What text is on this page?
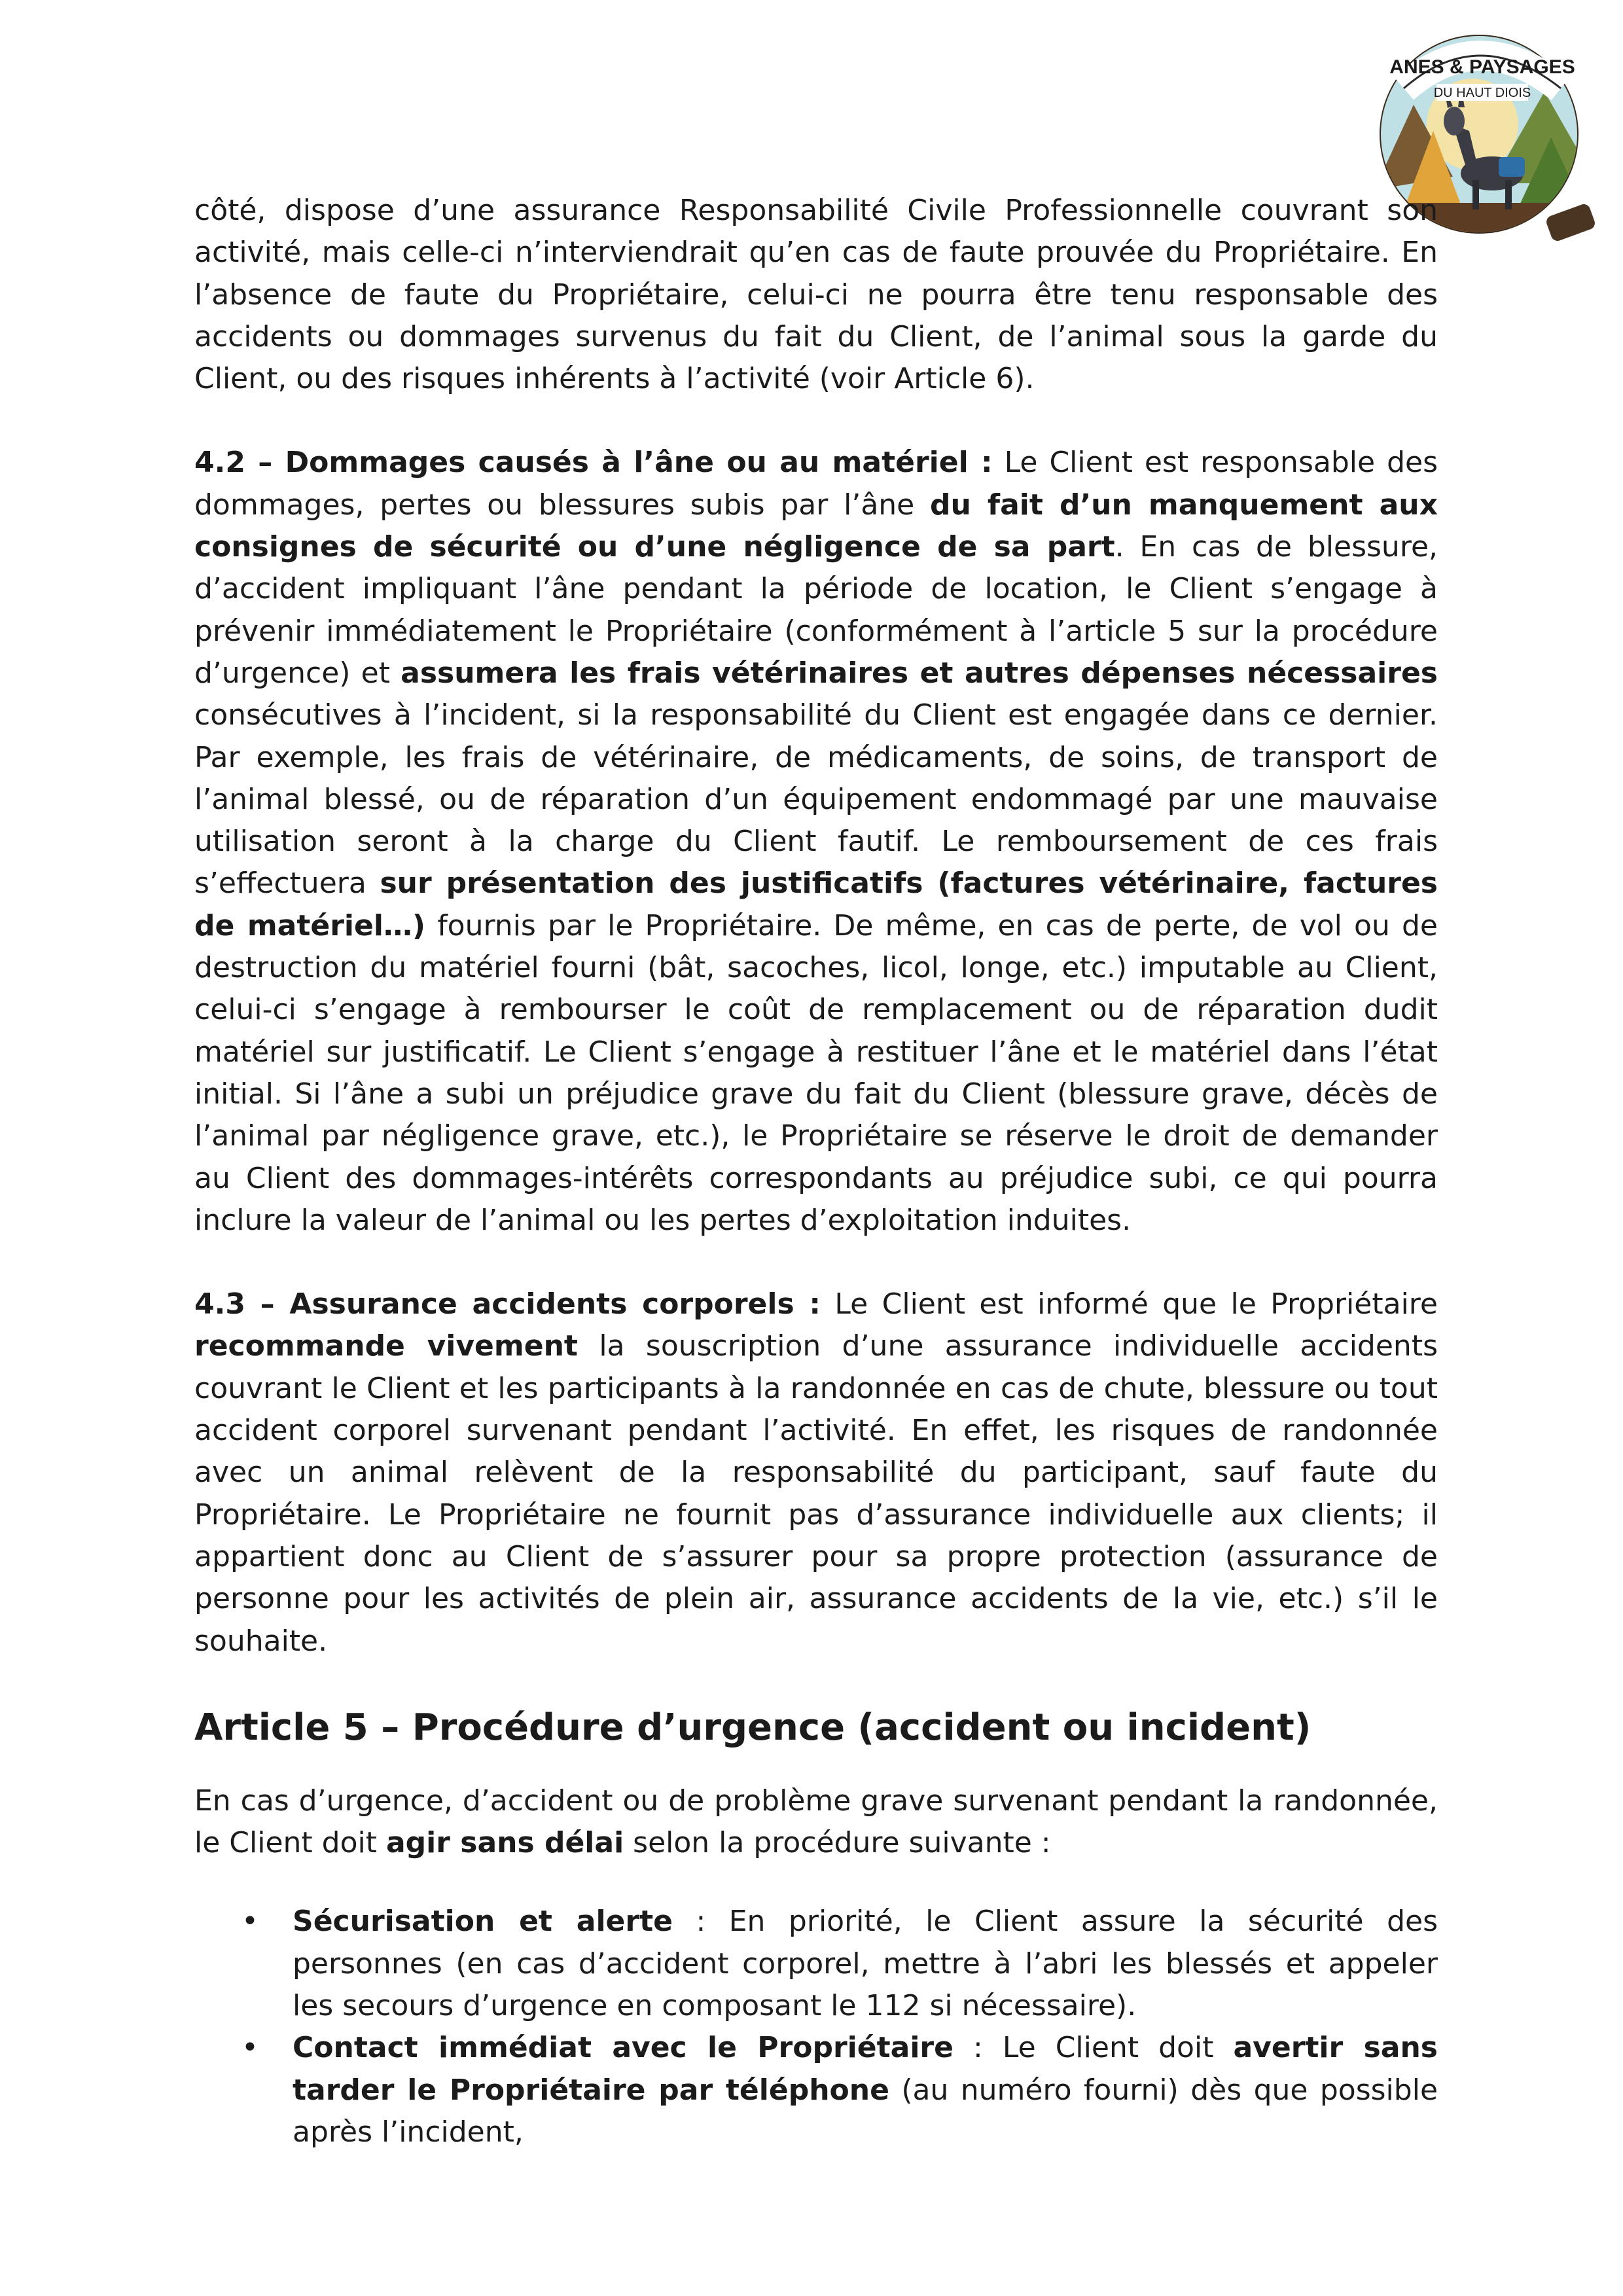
ANES & PAYSAGES
DU HAUT DIOIS

côté, dispose d’une assurance Responsabilité Civile Professionnelle couvrant son activité, mais celle-ci n’interviendrait qu’en cas de faute prouvée du Propriétaire. En l’absence de faute du Propriétaire, celui-ci ne pourra être tenu responsable des accidents ou dommages survenus du fait du Client, de l’animal sous la garde du Client, ou des risques inhérents à l’activité (voir Article 6).

4.2 – Dommages causés à l’âne ou au matériel : Le Client est responsable des dommages, pertes ou blessures subis par l’âne du fait d’un manquement aux consignes de sécurité ou d’une négligence de sa part. En cas de blessure, d’accident impliquant l’âne pendant la période de location, le Client s’engage à prévenir immédiatement le Propriétaire (conformément à l’article 5 sur la procédure d’urgence) et assumera les frais vétérinaires et autres dépenses nécessaires consécutives à l’incident, si la responsabilité du Client est engagée dans ce dernier. Par exemple, les frais de vétérinaire, de médicaments, de soins, de transport de l’animal blessé, ou de réparation d’un équipement endommagé par une mauvaise utilisation seront à la charge du Client fautif. Le remboursement de ces frais s’effectuera sur présentation des justificatifs (factures vétérinaire, factures de matériel…) fournis par le Propriétaire. De même, en cas de perte, de vol ou de destruction du matériel fourni (bât, sacoches, licol, longe, etc.) imputable au Client, celui-ci s’engage à rembourser le coût de remplacement ou de réparation dudit matériel sur justificatif. Le Client s’engage à restituer l’âne et le matériel dans l’état initial. Si l’âne a subi un préjudice grave du fait du Client (blessure grave, décès de l’animal par négligence grave, etc.), le Propriétaire se réserve le droit de demander au Client des dommages-intérêts correspondants au préjudice subi, ce qui pourra inclure la valeur de l’animal ou les pertes d’exploitation induites.

4.3 – Assurance accidents corporels : Le Client est informé que le Propriétaire recommande vivement la souscription d’une assurance individuelle accidents couvrant le Client et les participants à la randonnée en cas de chute, blessure ou tout accident corporel survenant pendant l’activité. En effet, les risques de randonnée avec un animal relèvent de la responsabilité du participant, sauf faute du Propriétaire. Le Propriétaire ne fournit pas d’assurance individuelle aux clients; il appartient donc au Client de s’assurer pour sa propre protection (assurance de personne pour les activités de plein air, assurance accidents de la vie, etc.) s’il le souhaite.

Article 5 – Procédure d’urgence (accident ou incident)

En cas d’urgence, d’accident ou de problème grave survenant pendant la randonnée, le Client doit agir sans délai selon la procédure suivante :

• Sécurisation et alerte : En priorité, le Client assure la sécurité des personnes (en cas d’accident corporel, mettre à l’abri les blessés et appeler les secours d’urgence en composant le 112 si nécessaire).
• Contact immédiat avec le Propriétaire : Le Client doit avertir sans tarder le Propriétaire par téléphone (au numéro fourni) dès que possible après l’incident,
